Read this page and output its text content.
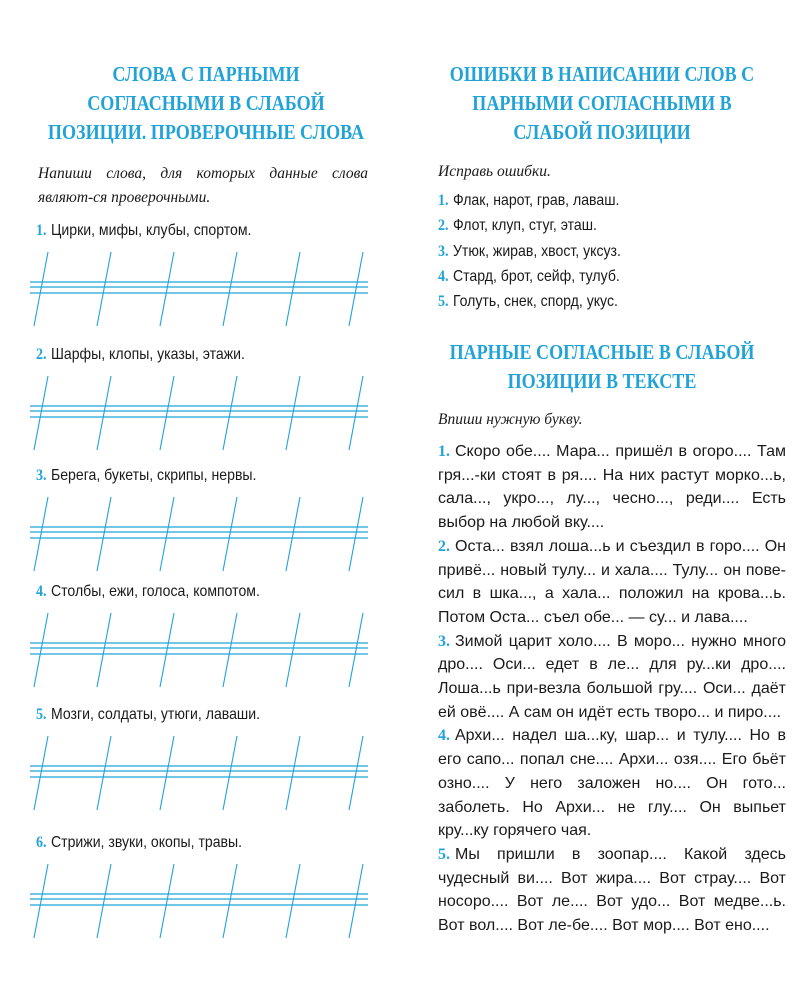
СЛОВА С ПАРНЫМИ СОГЛАСНЫМИ В СЛАБОЙ ПОЗИЦИИ. ПРОВЕРОЧНЫЕ СЛОВА
Напиши слова, для которых данные слова являют-ся проверочными.
1. Цирки, мифы, клубы, спортом.
2. Шарфы, клопы, указы, этажи.
3. Берега, букеты, скрипы, нервы.
4. Столбы, ежи, голоса, компотом.
5. Мозги, солдаты, утюги, лаваши.
6. Стрижи, звуки, окопы, травы.
ОШИБКИ В НАПИСАНИИ СЛОВ С ПАРНЫМИ СОГЛАСНЫМИ В СЛАБОЙ ПОЗИЦИИ
Исправь ошибки.
1. Флак, нарот, грав, лаваш.
2. Флот, клуп, стуг, эташ.
3. Утюк, жирав, хвост, уксуз.
4. Стард, брот, сейф, тулуб.
5. Голуть, снек, спорд, укус.
ПАРНЫЕ СОГЛАСНЫЕ В СЛАБОЙ ПОЗИЦИИ В ТЕКСТЕ
Впиши нужную букву.

1. Скоро обе.... Мара... пришёл в огоро.... Там гря...-ки стоят в ря.... На них растут морко...ь, сала..., укро..., лу..., чесно..., реди.... Есть выбор на любой вку....

2. Оста... взял лоша...ь и съездил в горо.... Он привё... новый тулу... и хала.... Тулу... он пове-сил в шка..., а хала... положил на крова...ь. Потом Оста... съел обе... — су... и лава....

3. Зимой царит холо.... В моро... нужно много дро.... Оси... едет в ле... для ру...ки дро.... Лоша...ь при-везла большой гру.... Оси... даёт ей овё.... А сам он идёт есть творо... и пиро....

4. Архи... надел ша...ку, шар... и тулу.... Но в его сапо... попал сне.... Архи... озя.... Его бьёт озно.... У него заложен но.... Он гото... заболеть. Но Архи... не глу.... Он выпьет кру...ку горячего чая.

5. Мы пришли в зоопар.... Какой здесь чудесный ви.... Вот жира.... Вот страу.... Вот носоро.... Вот ле.... Вот удо... Вот медве...ь. Вот вол.... Вот ле-бе.... Вот мор.... Вот ено....
